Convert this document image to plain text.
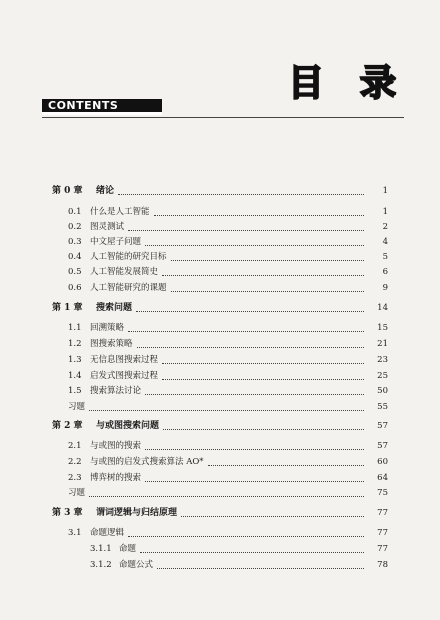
目 录
CONTENTS
第 0 章 绪论	1
0.1 什么是人工智能	1
0.2 图灵测试	2
0.3 中文屋子问题	4
0.4 人工智能的研究目标	5
0.5 人工智能发展简史	6
0.6 人工智能研究的课题	9
第 1 章 搜索问题	14
1.1 回溯策略	15
1.2 图搜索策略	21
1.3 无信息图搜索过程	23
1.4 启发式图搜索过程	25
1.5 搜索算法讨论	50
习题	55
第 2 章 与或图搜索问题	57
2.1 与或图的搜索	57
2.2 与或图的启发式搜索算法 AO*	60
2.3 博弈树的搜索	64
习题	75
第 3 章 谓词逻辑与归结原理	77
3.1 命题逻辑	77
3.1.1 命题	77
3.1.2 命题公式	78
